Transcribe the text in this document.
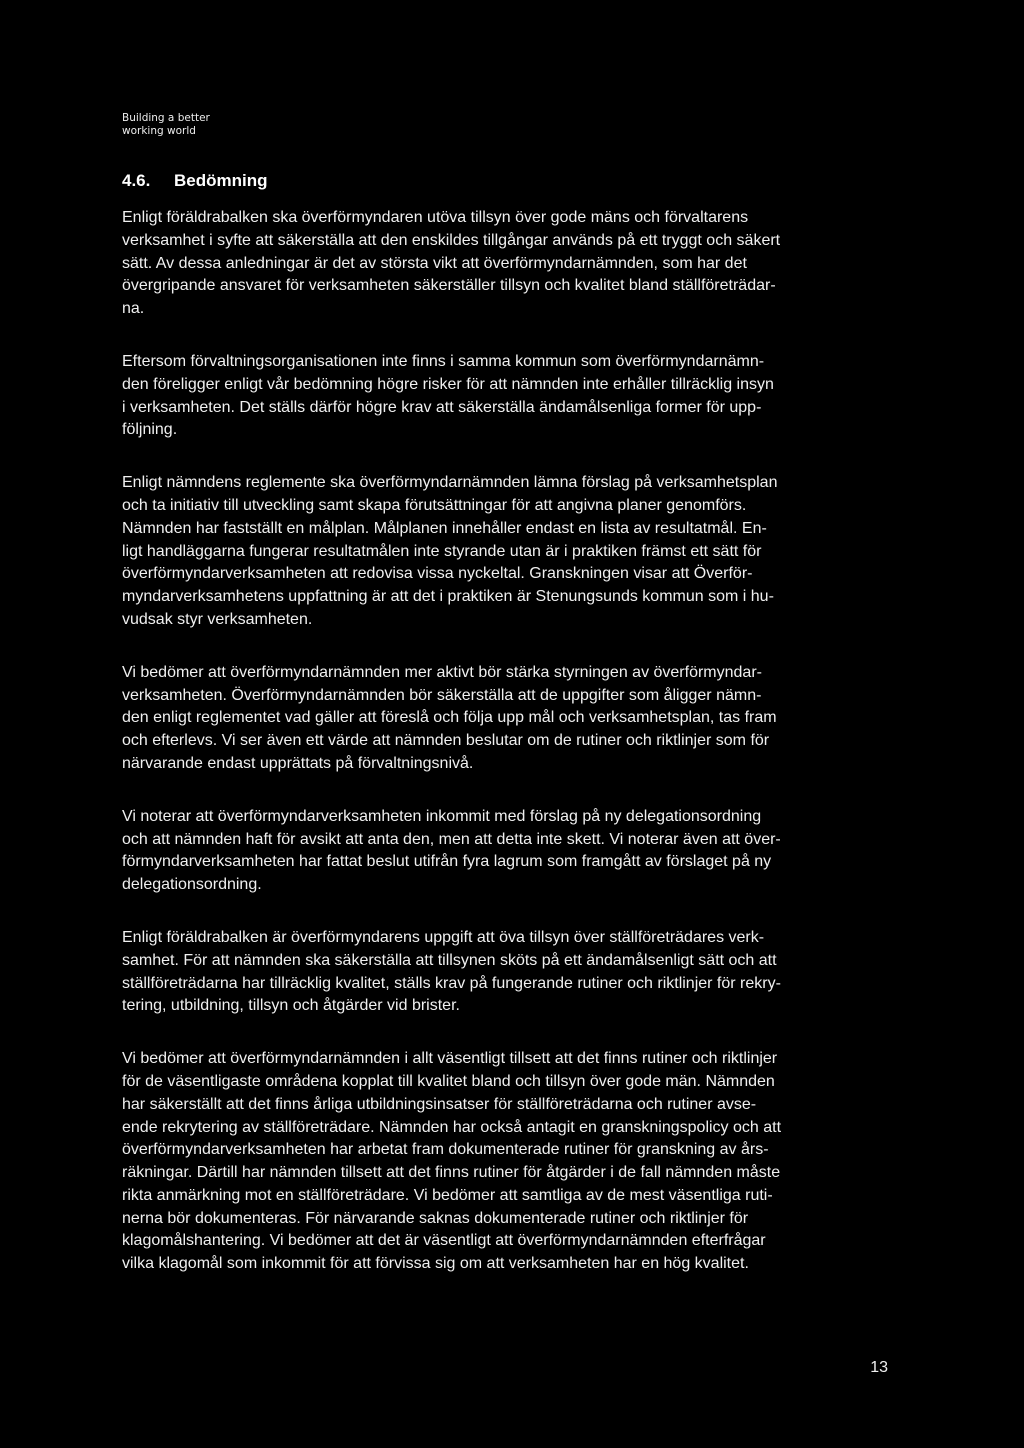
Building a better
working world
4.6. Bedömning

Enligt föräldrabalken ska överförmyndaren utöva tillsyn över gode mäns och förvaltarens
verksamhet i syfte att säkerställa att den enskildes tillgångar används på ett tryggt och säkert
sätt. Av dessa anledningar är det av största vikt att överförmyndarnämnden, som har det
övergripande ansvaret för verksamheten säkerställer tillsyn och kvalitet bland ställföreträdar-
na.

Eftersom förvaltningsorganisationen inte finns i samma kommun som överförmyndarnämn-
den föreligger enligt vår bedömning högre risker för att nämnden inte erhåller tillräcklig insyn
i verksamheten. Det ställs därför högre krav att säkerställa ändamålsenliga former för upp-
följning.

Enligt nämndens reglemente ska överförmyndarnämnden lämna förslag på verksamhetsplan
och ta initiativ till utveckling samt skapa förutsättningar för att angivna planer genomförs.
Nämnden har fastställt en målplan. Målplanen innehåller endast en lista av resultatmål. En-
ligt handläggarna fungerar resultatmålen inte styrande utan är i praktiken främst ett sätt för
överförmyndarverksamheten att redovisa vissa nyckeltal. Granskningen visar att Överför-
myndarverksamhetens uppfattning är att det i praktiken är Stenungsunds kommun som i hu-
vudsak styr verksamheten.

Vi bedömer att överförmyndarnämnden mer aktivt bör stärka styrningen av överförmyndar-
verksamheten. Överförmyndarnämnden bör säkerställa att de uppgifter som åligger nämn-
den enligt reglementet vad gäller att föreslå och följa upp mål och verksamhetsplan, tas fram
och efterlevs. Vi ser även ett värde att nämnden beslutar om de rutiner och riktlinjer som för
närvarande endast upprättats på förvaltningsnivå.

Vi noterar att överförmyndarverksamheten inkommit med förslag på ny delegationsordning
och att nämnden haft för avsikt att anta den, men att detta inte skett. Vi noterar även att över-
förmyndarverksamheten har fattat beslut utifrån fyra lagrum som framgått av förslaget på ny
delegationsordning.

Enligt föräldrabalken är överförmyndarens uppgift att öva tillsyn över ställföreträdares verk-
samhet. För att nämnden ska säkerställa att tillsynen sköts på ett ändamålsenligt sätt och att
ställföreträdarna har tillräcklig kvalitet, ställs krav på fungerande rutiner och riktlinjer för rekry-
tering, utbildning, tillsyn och åtgärder vid brister.

Vi bedömer att överförmyndarnämnden i allt väsentligt tillsett att det finns rutiner och riktlinjer
för de väsentligaste områdena kopplat till kvalitet bland och tillsyn över gode män. Nämnden
har säkerställt att det finns årliga utbildningsinsatser för ställföreträdarna och rutiner avse-
ende rekrytering av ställföreträdare. Nämnden har också antagit en granskningspolicy och att
överförmyndarverksamheten har arbetat fram dokumenterade rutiner för granskning av års-
räkningar. Därtill har nämnden tillsett att det finns rutiner för åtgärder i de fall nämnden måste
rikta anmärkning mot en ställföreträdare. Vi bedömer att samtliga av de mest väsentliga ruti-
nerna bör dokumenteras. För närvarande saknas dokumenterade rutiner och riktlinjer för
klagomålshantering. Vi bedömer att det är väsentligt att överförmyndarnämnden efterfrågar
vilka klagomål som inkommit för att förvissa sig om att verksamheten har en hög kvalitet.

13
